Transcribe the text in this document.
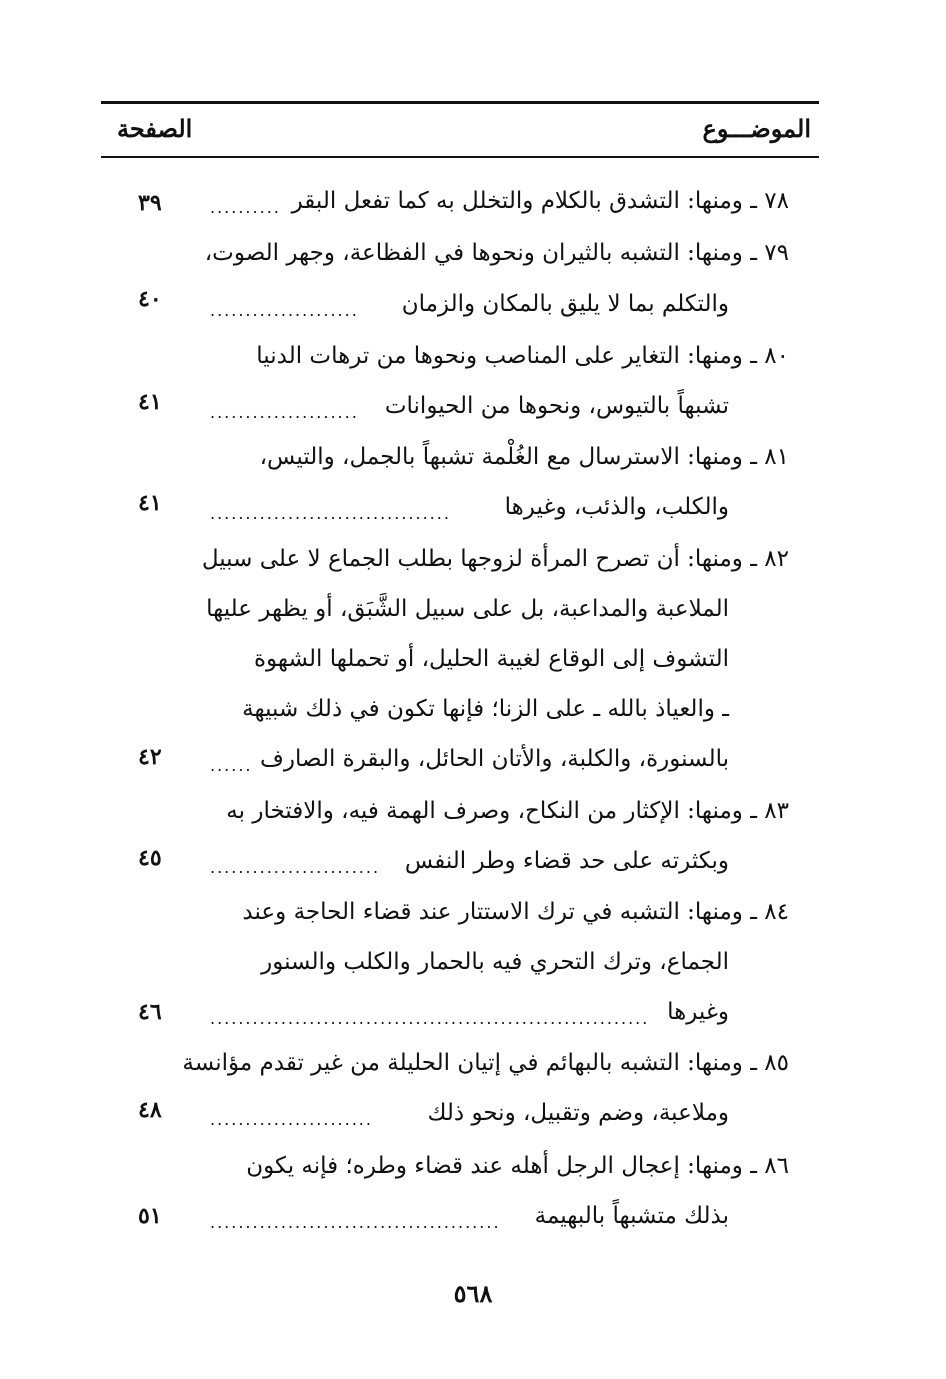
الموضـــوع
الصفحة
٧٨ ـ ومنها: التشدق بالكلام والتخلل به كما تفعل البقر
..........
٣٩
٧٩ ـ ومنها: التشبه بالثيران ونحوها في الفظاعة، وجهر الصوت،
والتكلم بما لا يليق بالمكان والزمان
.....................
٤٠
٨٠ ـ ومنها: التغاير على المناصب ونحوها من ترهات الدنيا
تشبهاً بالتيوس، ونحوها من الحيوانات
.....................
٤١
٨١ ـ ومنها: الاسترسال مع الغُلْمة تشبهاً بالجمل، والتيس،
والكلب، والذئب، وغيرها
..................................
٤١
٨٢ ـ ومنها: أن تصرح المرأة لزوجها بطلب الجماع لا على سبيل
الملاعبة والمداعبة، بل على سبيل الشَّبَق، أو يظهر عليها
التشوف إلى الوقاع لغيبة الحليل، أو تحملها الشهوة
ـ والعياذ بالله ـ على الزنا؛ فإنها تكون في ذلك شبيهة
بالسنورة، والكلبة، والأتان الحائل، والبقرة الصارف
......
٤٢
٨٣ ـ ومنها: الإكثار من النكاح، وصرف الهمة فيه، والافتخار به
وبكثرته على حد قضاء وطر النفس
........................
٤٥
٨٤ ـ ومنها: التشبه في ترك الاستتار عند قضاء الحاجة وعند
الجماع، وترك التحري فيه بالحمار والكلب والسنور
وغيرها
..............................................................
٤٦
٨٥ ـ ومنها: التشبه بالبهائم في إتيان الحليلة من غير تقدم مؤانسة
وملاعبة، وضم وتقبيل، ونحو ذلك
.......................
٤٨
٨٦ ـ ومنها: إعجال الرجل أهله عند قضاء وطره؛ فإنه يكون
بذلك متشبهاً بالبهيمة
.........................................
٥١
٥٦٨
